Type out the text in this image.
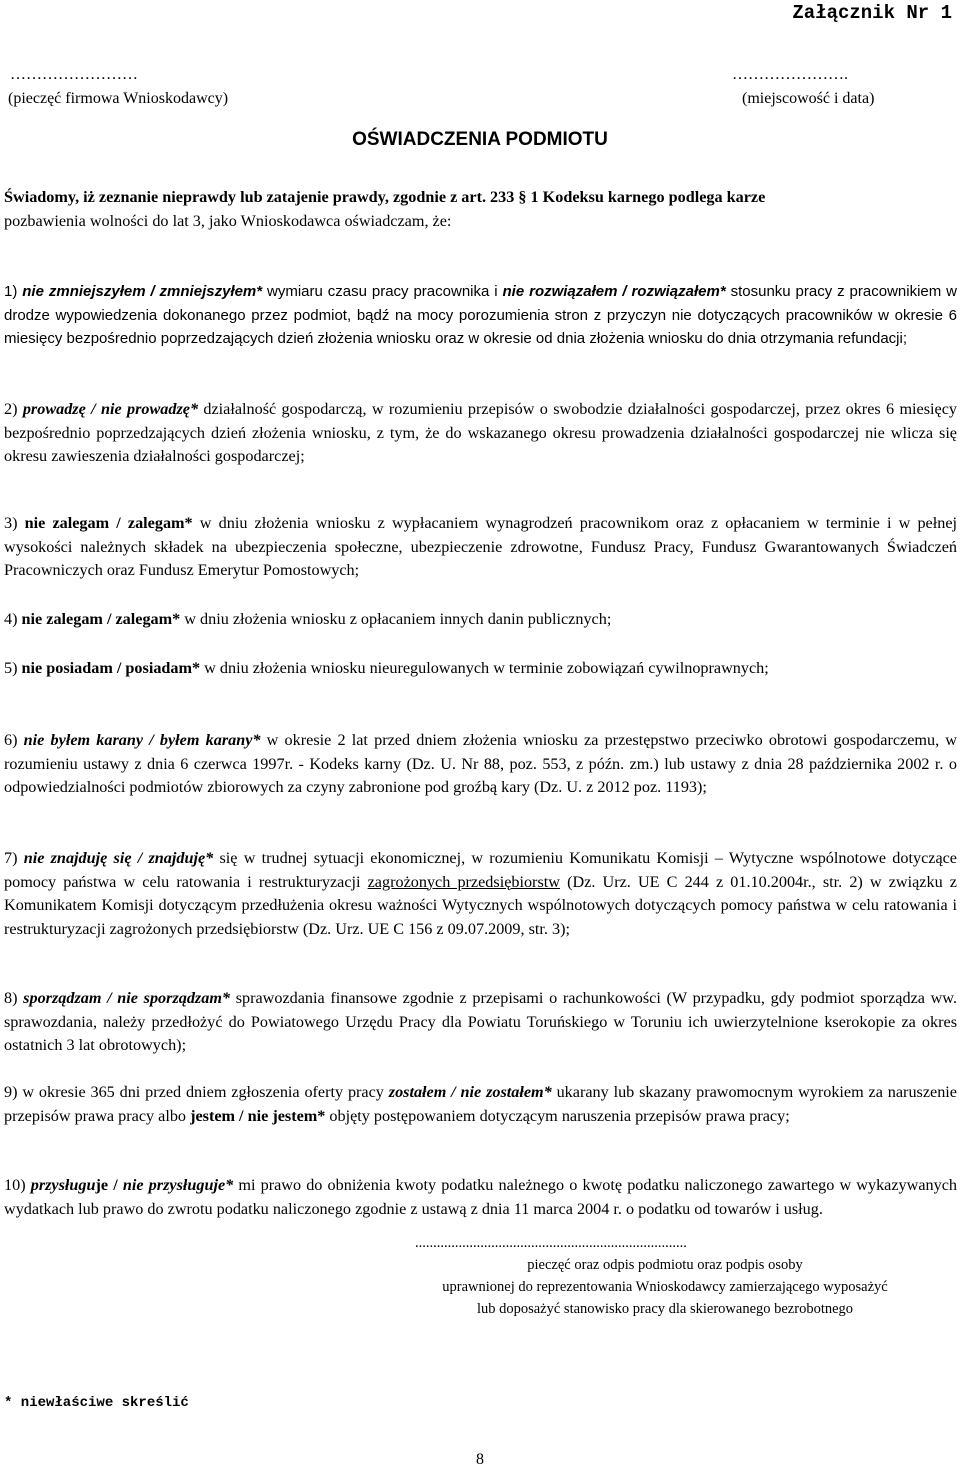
Załącznik Nr 1
……………………
(pieczęć firmowa Wnioskodawcy)
………………….
(miejscowość i data)
OŚWIADCZENIA PODMIOTU

Świadomy, iż zeznanie nieprawdy lub zatajenie prawdy, zgodnie z art. 233 § 1 Kodeksu karnego podlega karze

pozbawienia wolności do lat 3, jako Wnioskodawca oświadczam, że:

1) nie zmniejszyłem / zmniejszyłem* wymiaru czasu pracy pracownika i nie rozwiązałem / rozwiązałem* stosunku pracy z pracownikiem w drodze wypowiedzenia dokonanego przez podmiot, bądź na mocy porozumienia stron z przyczyn nie dotyczących pracowników w okresie 6 miesięcy bezpośrednio poprzedzających dzień złożenia wniosku oraz w okresie od dnia złożenia wniosku do dnia otrzymania refundacji;

2) prowadzę / nie prowadzę* działalność gospodarczą, w rozumieniu przepisów o swobodzie działalności gospodarczej, przez okres 6 miesięcy bezpośrednio poprzedzających dzień złożenia wniosku, z tym, że do wskazanego okresu prowadzenia działalności gospodarczej nie wlicza się okresu zawieszenia działalności gospodarczej;

3) nie zalegam / zalegam* w dniu złożenia wniosku z wypłacaniem wynagrodzeń pracownikom oraz z opłacaniem w terminie i w pełnej wysokości należnych składek na ubezpieczenia społeczne, ubezpieczenie zdrowotne, Fundusz Pracy, Fundusz Gwarantowanych Świadczeń Pracowniczych oraz Fundusz Emerytur Pomostowych;

4) nie zalegam / zalegam* w dniu złożenia wniosku z opłacaniem innych danin publicznych;

5) nie posiadam / posiadam* w dniu złożenia wniosku nieuregulowanych w terminie zobowiązań cywilnoprawnych;

6) nie byłem karany / byłem karany* w okresie 2 lat przed dniem złożenia wniosku za przestępstwo przeciwko obrotowi gospodarczemu, w rozumieniu ustawy z dnia 6 czerwca 1997r. - Kodeks karny (Dz. U. Nr 88, poz. 553, z późn. zm.) lub ustawy z dnia 28 października 2002 r. o odpowiedzialności podmiotów zbiorowych za czyny zabronione pod groźbą kary (Dz. U. z 2012 poz. 1193);

7) nie znajduję się / znajduję* się w trudnej sytuacji ekonomicznej, w rozumieniu Komunikatu Komisji – Wytyczne wspólnotowe dotyczące pomocy państwa w celu ratowania i restrukturyzacji zagrożonych przedsiębiorstw (Dz. Urz. UE C 244 z 01.10.2004r., str. 2) w związku z Komunikatem Komisji dotyczącym przedłużenia okresu ważności Wytycznych wspólnotowych dotyczących pomocy państwa w celu ratowania i restrukturyzacji zagrożonych przedsiębiorstw (Dz. Urz. UE C 156 z 09.07.2009, str. 3);

8) sporządzam / nie sporządzam* sprawozdania finansowe zgodnie z przepisami o rachunkowości (W przypadku, gdy podmiot sporządza ww. sprawozdania, należy przedłożyć do Powiatowego Urzędu Pracy dla Powiatu Toruńskiego w Toruniu ich uwierzytelnione kserokopie za okres ostatnich 3 lat obrotowych);

9) w okresie 365 dni przed dniem zgłoszenia oferty pracy zostałem / nie zostałem* ukarany lub skazany prawomocnym wyrokiem za naruszenie przepisów prawa pracy albo jestem / nie jestem* objęty postępowaniem dotyczącym naruszenia przepisów prawa pracy;

10) przysługuje / nie przysługuje* mi prawo do obniżenia kwoty podatku należnego o kwotę podatku naliczonego zawartego w wykazywanych wydatkach lub prawo do zwrotu podatku naliczonego zgodnie z ustawą z dnia 11 marca 2004 r. o podatku od towarów i usług.

...........................................................................
pieczęć oraz odpis podmiotu oraz podpis osoby
uprawnionej do reprezentowania Wnioskodawcy zamierzającego wyposażyć
lub doposażyć stanowisko pracy dla skierowanego bezrobotnego
* niewłaściwe skreślić
8
